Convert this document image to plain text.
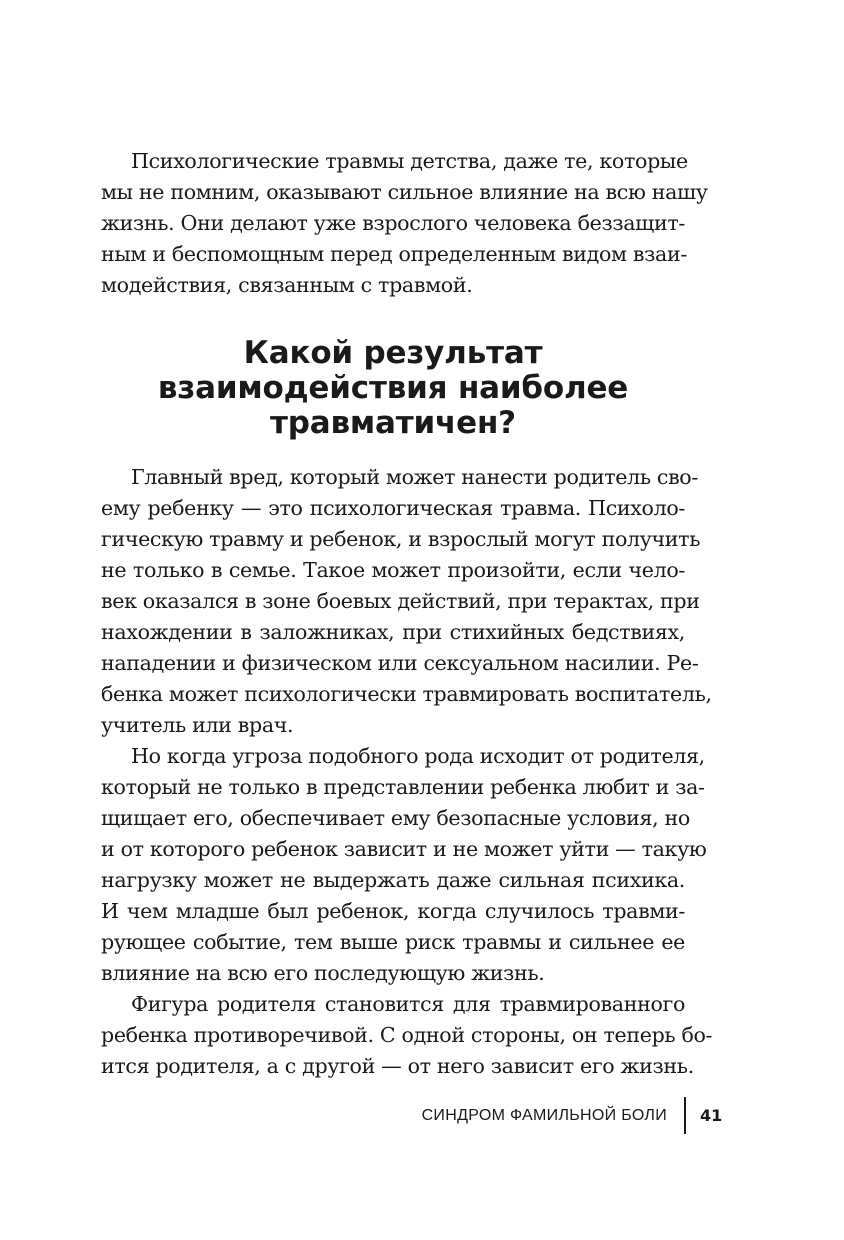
Психологические травмы детства, даже те, которые
мы не помним, оказывают сильное влияние на всю нашу
жизнь. Они делают уже взрослого человека беззащит-
ным и беспомощным перед определенным видом взаи-
модействия, связанным с травмой.
Какой результат
взаимодействия наиболее
травматичен?
Главный вред, который может нанести родитель сво-
ему ребенку — это психологическая травма. Психоло-
гическую травму и ребенок, и взрослый могут получить
не только в семье. Такое может произойти, если чело-
век оказался в зоне боевых действий, при терактах, при
нахождении в заложниках, при стихийных бедствиях,
нападении и физическом или сексуальном насилии. Ре-
бенка может психологически травмировать воспитатель,
учитель или врач.
Но когда угроза подобного рода исходит от родителя,
который не только в представлении ребенка любит и за-
щищает его, обеспечивает ему безопасные условия, но
и от которого ребенок зависит и не может уйти — такую
нагрузку может не выдержать даже сильная психика.
И чем младше был ребенок, когда случилось травми-
рующее событие, тем выше риск травмы и сильнее ее
влияние на всю его последующую жизнь.
Фигура родителя становится для травмированного
ребенка противоречивой. С одной стороны, он теперь бо-
ится родителя, а с другой — от него зависит его жизнь.
СИНДРОМ ФАМИЛЬНОЙ БОЛИ 41
